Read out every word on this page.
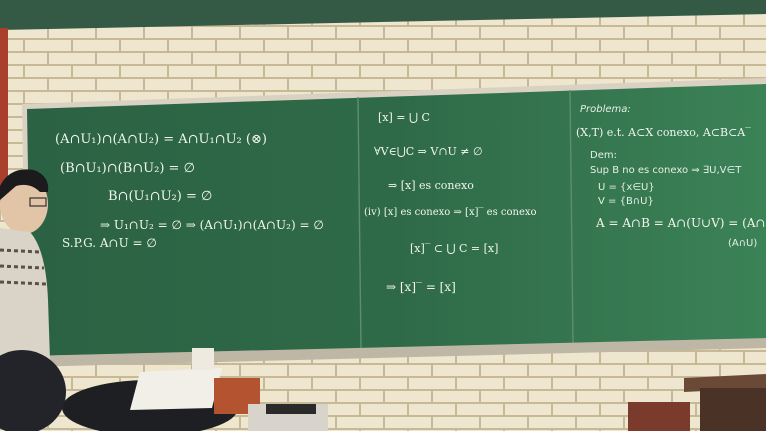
(A∩U₁)∩(A∩U₂) = A∩U₁∩U₂ (⊗)
(B∩U₁)∩(B∩U₂) = ∅
B∩(U₁∩U₂) = ∅
⇒ U₁∩U₂ = ∅ ⇒ (A∩U₁)∩(A∩U₂) = ∅
S.P.G. A∩U = ∅
[x] = ⋃ C
∀V∈⋃C ⇒ V∩U ≠ ∅
⇒ [x] es conexo
(iv) [x] es conexo ⇒ [x]‾ es conexo
[x]‾ ⊂ ⋃ C = [x]
⇒ [x]‾ = [x]
Problema:
(X,T) e.t. A⊂X conexo, A⊂B⊂A‾
Dem:
Sup B no es conexo ⇒ ∃U,V∈T
U = {x∈U}
V = {B∩U}
A = A∩B = A∩(U∪V) = (A∩
(A∩U)
